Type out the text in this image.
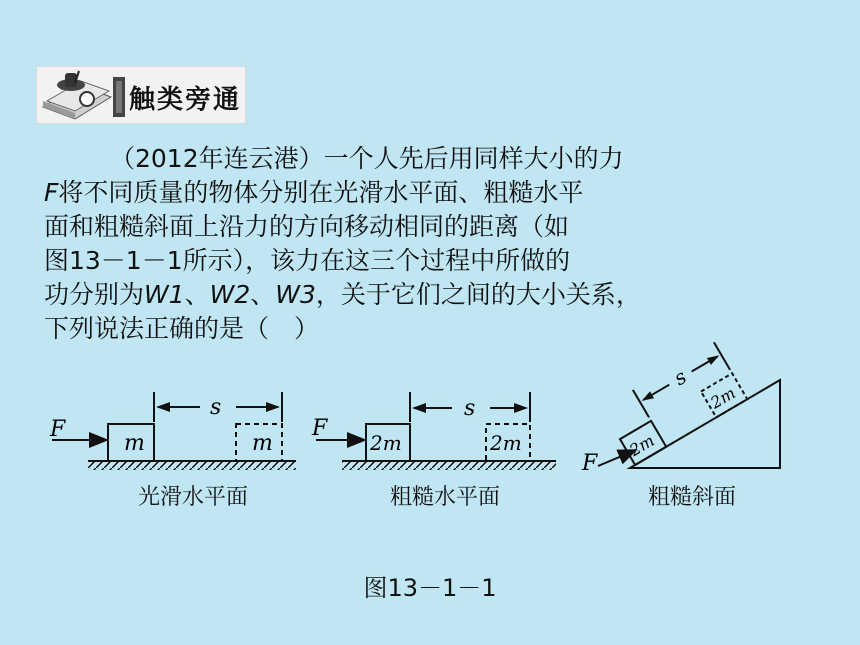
触类旁通
（2012年连云港）一个人先后用同样大小的力
F将不同质量的物体分别在光滑水平面、粗糙水平
面和粗糙斜面上沿力的方向移动相同的距离（如
图13－1－1所示），该力在这三个过程中所做的
功分别为W1、W2、W3，关于它们之间的大小关系，
下列说法正确的是（　）
m	m
F
s
2m	2m
F
s
2m
2m
s
F
光滑水平面	粗糙水平面	粗糙斜面
图13－1－1
